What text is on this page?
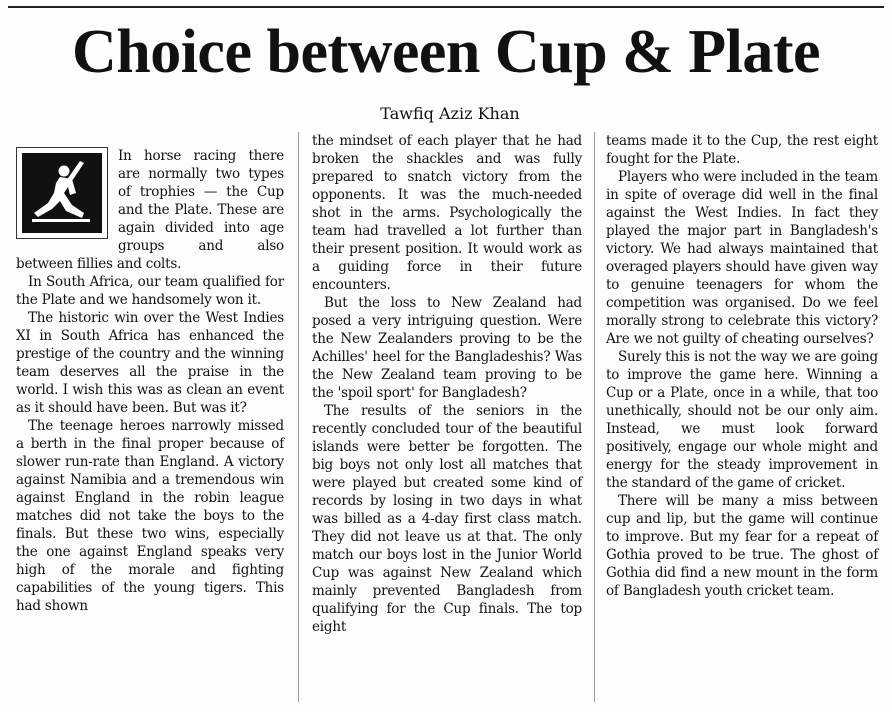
Choice between Cup & Plate
Tawfiq Aziz Khan

In horse racing there are normally two types of trophies — the Cup and the Plate. These are again divided into age groups and also between fillies and colts.

In South Africa, our team qualified for the Plate and we handsomely won it.

The historic win over the West Indies XI in South Africa has enhanced the prestige of the country and the winning team deserves all the praise in the world. I wish this was as clean an event as it should have been. But was it?

The teenage heroes narrowly missed a berth in the final proper because of slower run-rate than England. A victory against Namibia and a tremendous win against England in the robin league matches did not take the boys to the finals. But these two wins, especially the one against England speaks very high of the morale and fighting capabilities of the young tigers. This had shown

the mindset of each player that he had broken the shackles and was fully prepared to snatch victory from the opponents. It was the much-needed shot in the arms. Psychologically the team had travelled a lot further than their present position. It would work as a guiding force in their future encounters.

But the loss to New Zealand had posed a very intriguing question. Were the New Zealanders proving to be the Achilles' heel for the Bangladeshis? Was the New Zealand team proving to be the 'spoil sport' for Bangladesh?

The results of the seniors in the recently concluded tour of the beautiful islands were better be forgotten. The big boys not only lost all matches that were played but created some kind of records by losing in two days in what was billed as a 4-day first class match. They did not leave us at that. The only match our boys lost in the Junior World Cup was against New Zealand which mainly prevented Bangladesh from qualifying for the Cup finals. The top eight

teams made it to the Cup, the rest eight fought for the Plate.

Players who were included in the team in spite of overage did well in the final against the West Indies. In fact they played the major part in Bangladesh's victory. We had always maintained that overaged players should have given way to genuine teenagers for whom the competition was organised. Do we feel morally strong to celebrate this victory? Are we not guilty of cheating ourselves?

Surely this is not the way we are going to improve the game here. Winning a Cup or a Plate, once in a while, that too unethically, should not be our only aim. Instead, we must look forward positively, engage our whole might and energy for the steady improvement in the standard of the game of cricket.

There will be many a miss between cup and lip, but the game will continue to improve. But my fear for a repeat of Gothia proved to be true. The ghost of Gothia did find a new mount in the form of Bangladesh youth cricket team.
